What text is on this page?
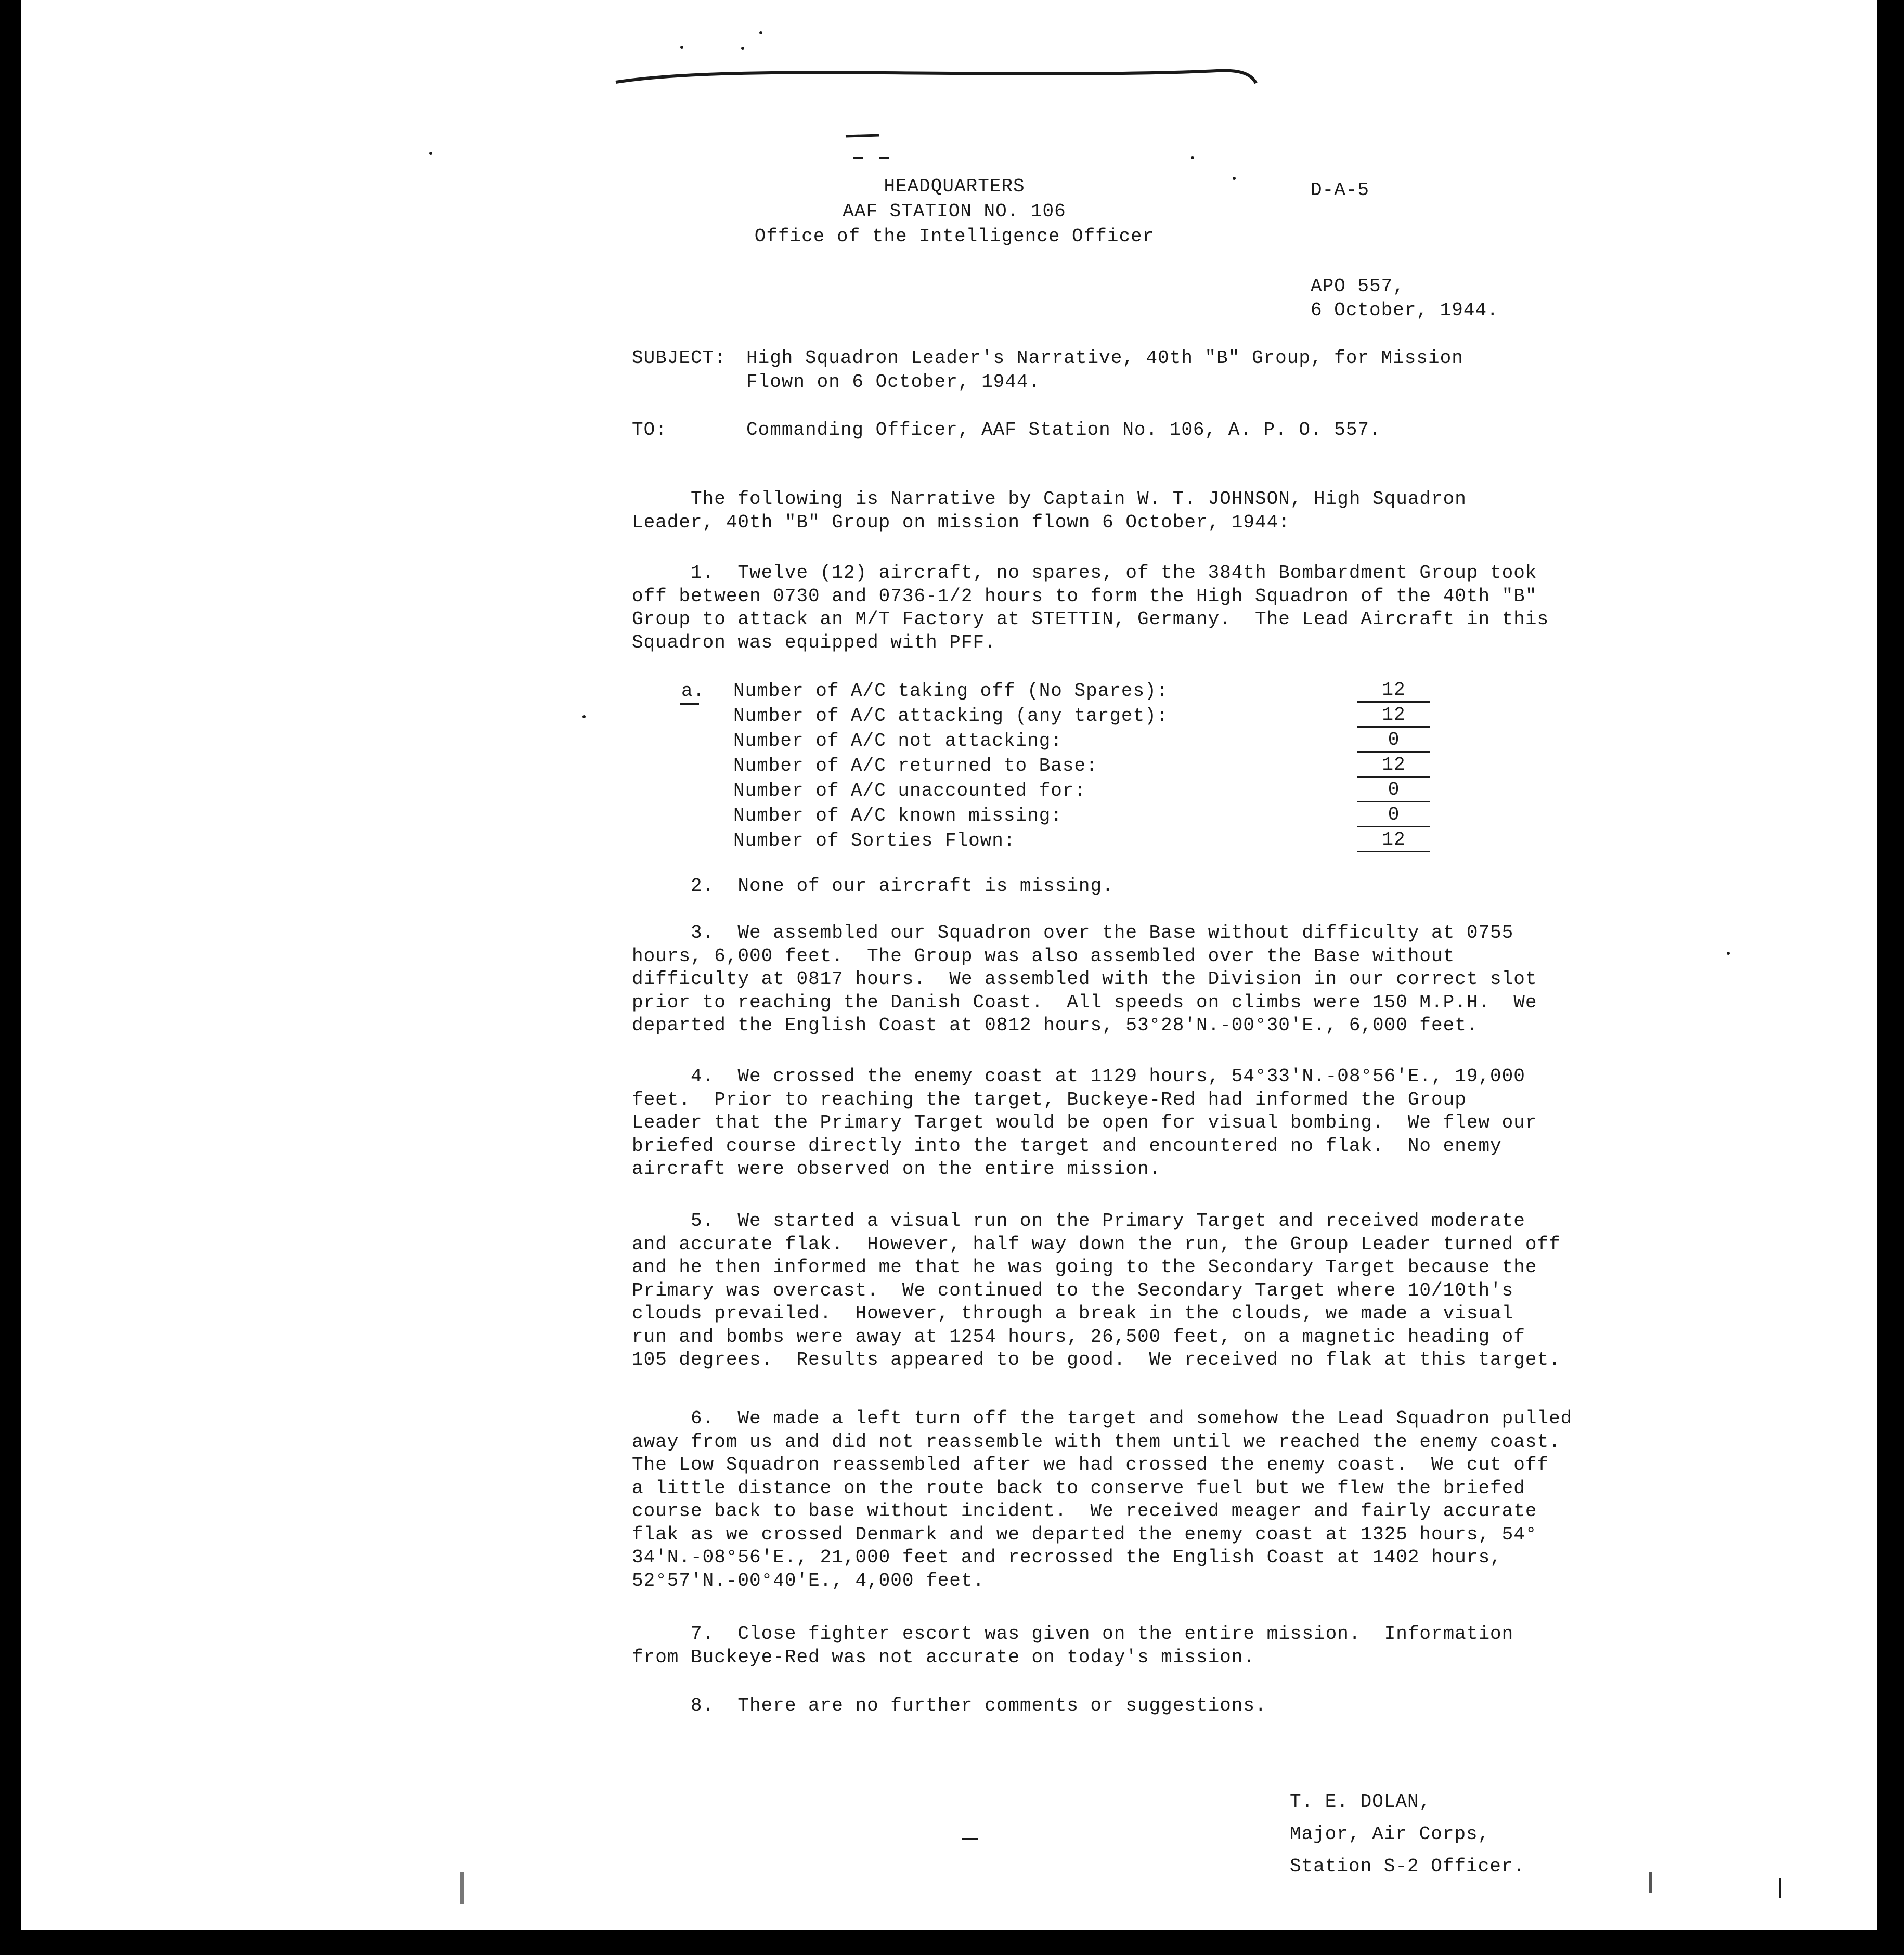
HEADQUARTERS
AAF STATION NO. 106
Office of the Intelligence Officer
D-A-5
APO 557,
6 October, 1944.
SUBJECT: High Squadron Leader's Narrative, 40th "B" Group, for Mission
Flown on 6 October, 1944.
TO:	Commanding Officer, AAF Station No. 106, A. P. O. 557.
The following is Narrative by Captain W. T. JOHNSON, High Squadron
Leader, 40th "B" Group on mission flown 6 October, 1944:
1.  Twelve (12) aircraft, no spares, of the 384th Bombardment Group took
off between 0730 and 0736-1/2 hours to form the High Squadron of the 40th "B"
Group to attack an M/T Factory at STETTIN, Germany.  The Lead Aircraft in this
Squadron was equipped with PFF.
a. Number of A/C taking off (No Spares):	12
Number of A/C attacking (any target):	12
Number of A/C not attacking:	0
Number of A/C returned to Base:	12
Number of A/C unaccounted for:	0
Number of A/C known missing:	0
Number of Sorties Flown:	12
2.  None of our aircraft is missing.
3.  We assembled our Squadron over the Base without difficulty at 0755
hours, 6,000 feet.  The Group was also assembled over the Base without
difficulty at 0817 hours.  We assembled with the Division in our correct slot
prior to reaching the Danish Coast.  All speeds on climbs were 150 M.P.H.  We
departed the English Coast at 0812 hours, 53°28'N.-00°30'E., 6,000 feet.
4.  We crossed the enemy coast at 1129 hours, 54°33'N.-08°56'E., 19,000
feet.  Prior to reaching the target, Buckeye-Red had informed the Group
Leader that the Primary Target would be open for visual bombing.  We flew our
briefed course directly into the target and encountered no flak.  No enemy
aircraft were observed on the entire mission.
5.  We started a visual run on the Primary Target and received moderate
and accurate flak.  However, half way down the run, the Group Leader turned off
and he then informed me that he was going to the Secondary Target because the
Primary was overcast.  We continued to the Secondary Target where 10/10th's
clouds prevailed.  However, through a break in the clouds, we made a visual
run and bombs were away at 1254 hours, 26,500 feet, on a magnetic heading of
105 degrees.  Results appeared to be good.  We received no flak at this target.
6.  We made a left turn off the target and somehow the Lead Squadron pulled
away from us and did not reassemble with them until we reached the enemy coast.
The Low Squadron reassembled after we had crossed the enemy coast.  We cut off
a little distance on the route back to conserve fuel but we flew the briefed
course back to base without incident.  We received meager and fairly accurate
flak as we crossed Denmark and we departed the enemy coast at 1325 hours, 54°
34'N.-08°56'E., 21,000 feet and recrossed the English Coast at 1402 hours,
52°57'N.-00°40'E., 4,000 feet.
7.  Close fighter escort was given on the entire mission.  Information
from Buckeye-Red was not accurate on today's mission.
8.  There are no further comments or suggestions.
T. E. DOLAN,
Major, Air Corps,
Station S-2 Officer.
